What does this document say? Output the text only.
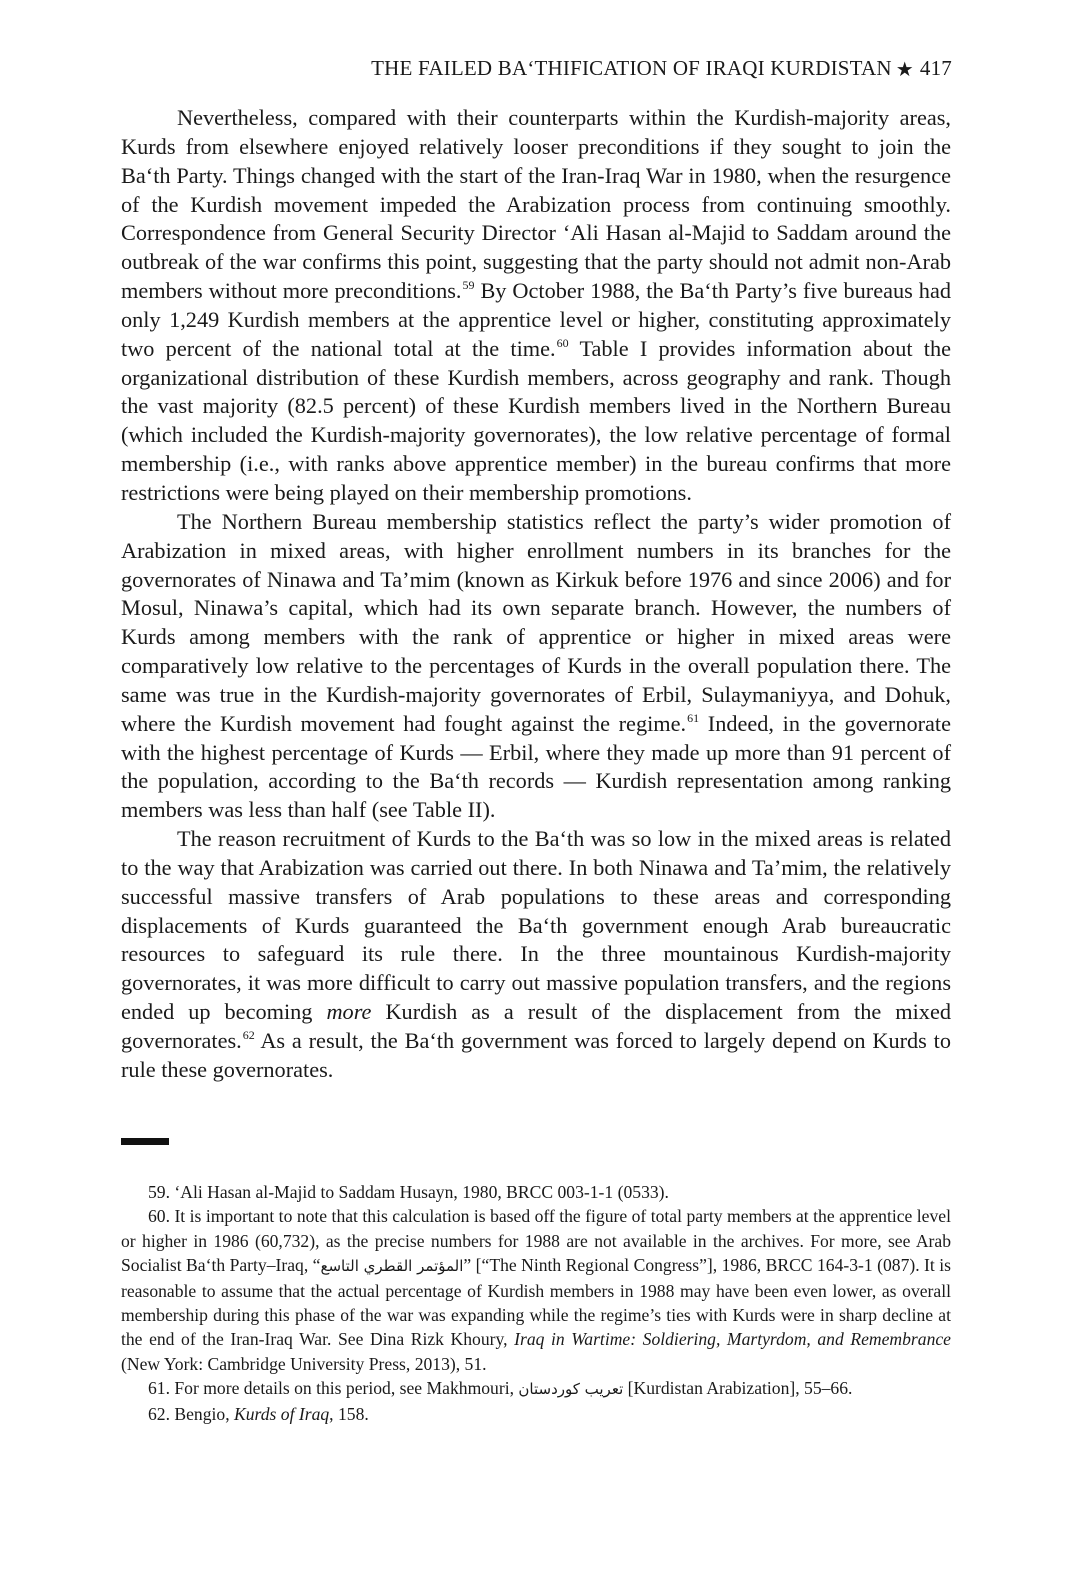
THE FAILED BA‘THIFICATION OF IRAQI KURDISTAN ★ 417

Nevertheless, compared with their counterparts within the Kurdish-majority areas, Kurds from elsewhere enjoyed relatively looser preconditions if they sought to join the Ba‘th Party. Things changed with the start of the Iran-Iraq War in 1980, when the resurgence of the Kurdish movement impeded the Arabization process from continuing smoothly. Correspondence from General Security Director ‘Ali Hasan al-Majid to Saddam around the outbreak of the war confirms this point, suggesting that the party should not admit non-Arab members without more preconditions.$^{59}$ By October 1988, the Ba‘th Party’s five bureaus had only 1,249 Kurdish members at the apprentice level or higher, constituting approximately two percent of the national total at the time.$^{60}$ Table I provides information about the organizational distribution of these Kurdish members, across geography and rank. Though the vast majority (82.5 percent) of these Kurdish members lived in the Northern Bureau (which included the Kurdish-majority governorates), the low relative percentage of formal membership (i.e., with ranks above apprentice member) in the bureau confirms that more restrictions were being played on their membership promotions.

The Northern Bureau membership statistics reflect the party’s wider promotion of Arabization in mixed areas, with higher enrollment numbers in its branches for the governorates of Ninawa and Ta’mim (known as Kirkuk before 1976 and since 2006) and for Mosul, Ninawa’s capital, which had its own separate branch. However, the numbers of Kurds among members with the rank of apprentice or higher in mixed areas were comparatively low relative to the percentages of Kurds in the overall population there. The same was true in the Kurdish-majority governorates of Erbil, Sulaymaniyya, and Dohuk, where the Kurdish movement had fought against the regime.$^{61}$ Indeed, in the governorate with the highest percentage of Kurds — Erbil, where they made up more than 91 percent of the population, according to the Ba‘th records — Kurdish representation among ranking members was less than half (see Table II).

The reason recruitment of Kurds to the Ba‘th was so low in the mixed areas is related to the way that Arabization was carried out there. In both Ninawa and Ta’mim, the relatively successful massive transfers of Arab populations to these areas and corresponding displacements of Kurds guaranteed the Ba‘th government enough Arab bureaucratic resources to safeguard its rule there. In the three mountainous Kurdish-majority governorates, it was more difficult to carry out massive population transfers, and the regions ended up becoming more Kurdish as a result of the displacement from the mixed governorates.$^{62}$ As a result, the Ba‘th government was forced to largely depend on Kurds to rule these governorates.

59. ‘Ali Hasan al-Majid to Saddam Husayn, 1980, BRCC 003-1-1 (0533).

60. It is important to note that this calculation is based off the figure of total party members at the apprentice level or higher in 1986 (60,732), as the precise numbers for 1988 are not available in the archives. For more, see Arab Socialist Ba‘th Party–Iraq, “المؤتمر القطري التاسع” [“The Ninth Regional Congress”], 1986, BRCC 164-3-1 (087). It is reasonable to assume that the actual percentage of Kurdish members in 1988 may have been even lower, as overall membership during this phase of the war was expanding while the regime’s ties with Kurds were in sharp decline at the end of the Iran-Iraq War. See Dina Rizk Khoury, Iraq in Wartime: Soldiering, Martyrdom, and Remembrance (New York: Cambridge University Press, 2013), 51.

61. For more details on this period, see Makhmouri, تعريب كوردستان [Kurdistan Arabization], 55–66.

62. Bengio, Kurds of Iraq, 158.
